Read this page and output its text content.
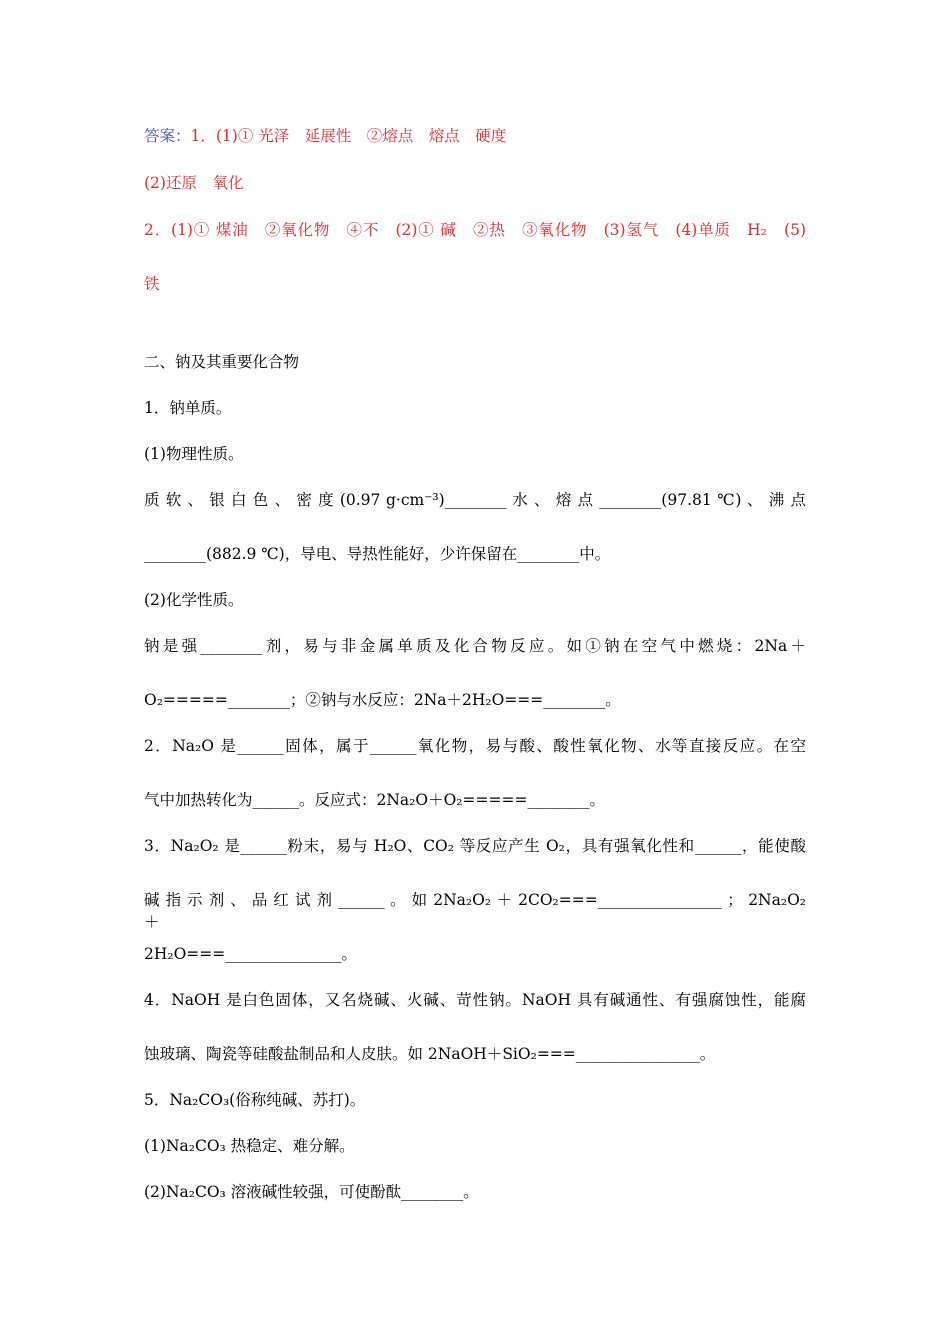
答案：1．(1)① 光泽　延展性　②熔点　熔点　硬度
(2)还原　氧化
2．(1)① 煤油　②氧化物　④不　(2)① 碱　②热　③氧化物　(3)氢气　(4)单质　H₂　(5)
铁
二、钠及其重要化合物
1．钠单质。
(1)物理性质。
质 软 、 银 白 色 、 密 度 (0.97 g·cm⁻³)________ 水 、 熔 点 ________(97.81 ℃) 、 沸 点
________(882.9 ℃)，导电、导热性能好，少许保留在________中。
(2)化学性质。
钠是强________剂，易与非金属单质及化合物反应。如①钠在空气中燃烧：2Na＋
O₂=====________；②钠与水反应：2Na＋2H₂O===________。
2．Na₂O 是______固体，属于______氧化物，易与酸、酸性氧化物、水等直接反应。在空
气中加热转化为______。反应式：2Na₂O＋O₂=====________。
3．Na₂O₂ 是______粉末，易与 H₂O、CO₂ 等反应产生 O₂，具有强氧化性和______，能使酸
碱 指 示 剂 、 品 红 试 剂 ______ 。 如 2Na₂O₂ ＋ 2CO₂===________________ ； 2Na₂O₂ ＋
2H₂O===_______________。
4．NaOH 是白色固体，又名烧碱、火碱、苛性钠。NaOH 具有碱通性、有强腐蚀性，能腐
蚀玻璃、陶瓷等硅酸盐制品和人皮肤。如 2NaOH＋SiO₂===________________。
5．Na₂CO₃(俗称纯碱、苏打)。
(1)Na₂CO₃ 热稳定、难分解。
(2)Na₂CO₃ 溶液碱性较强，可使酚酞________。
